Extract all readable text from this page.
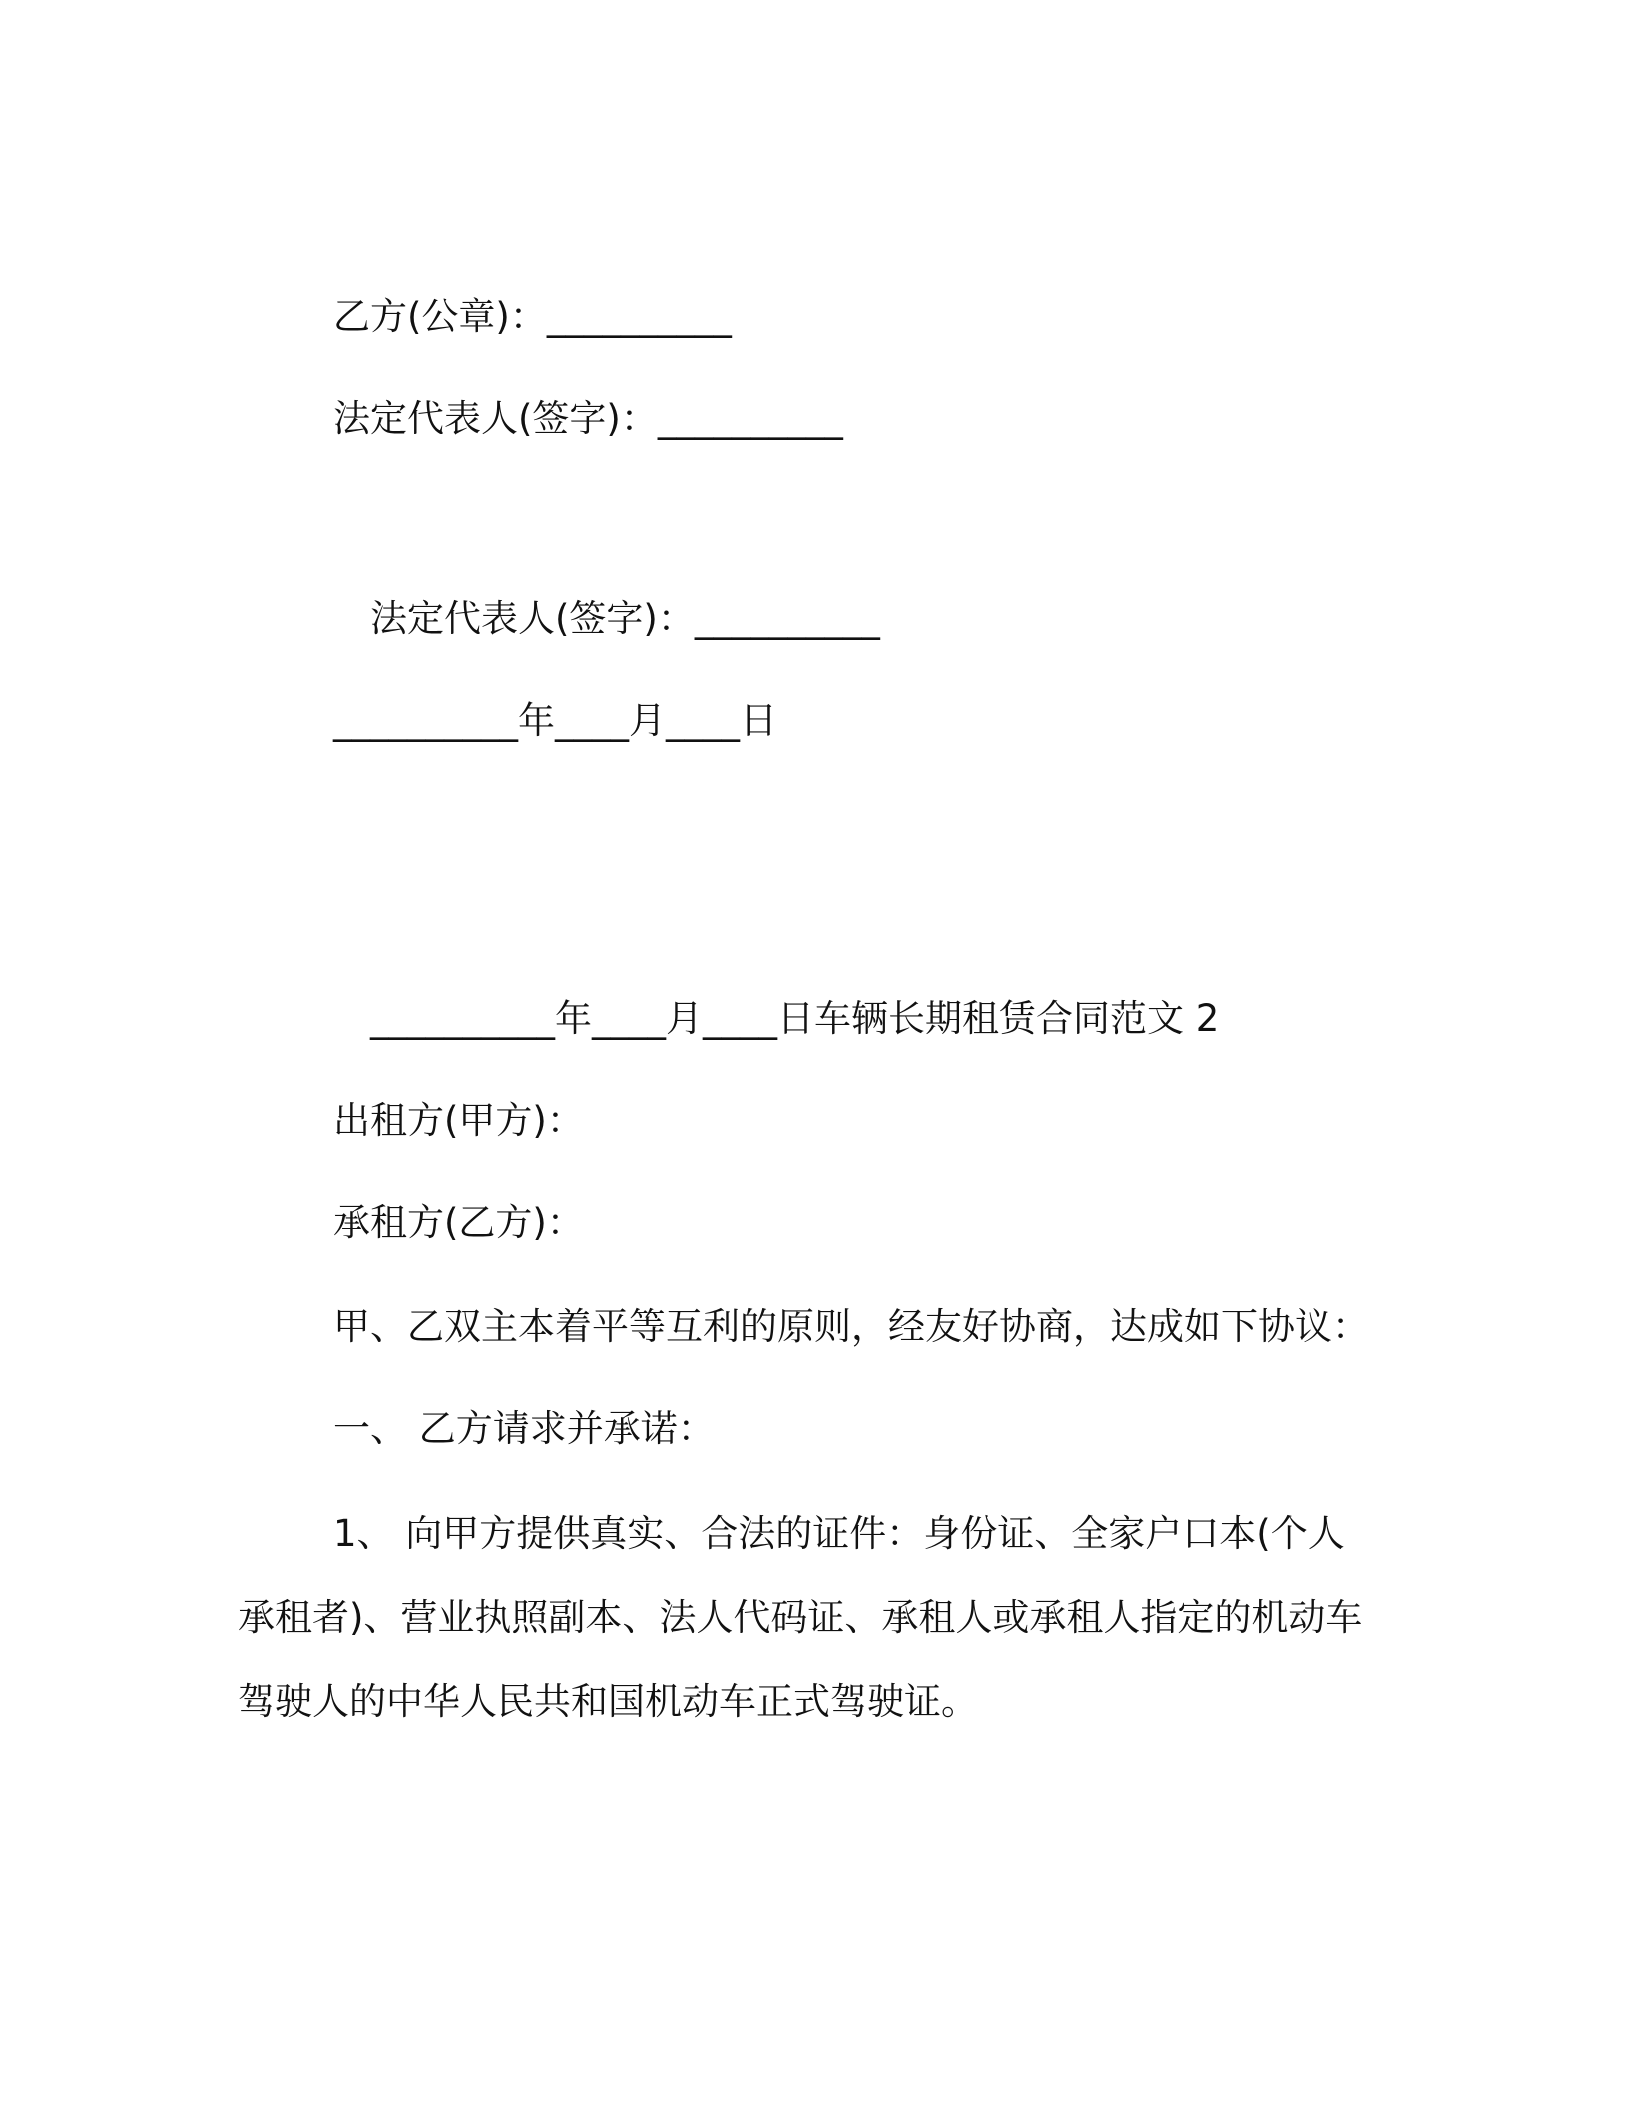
乙方(公章)：__________

法定代表人(签字)：__________

法定代表人(签字)：__________

__________年____月____日

__________年____月____日车辆长期租赁合同范文 2

出租方(甲方)：

承租方(乙方)：

甲、乙双主本着平等互利的原则，经友好协商，达成如下协议：

一、 乙方请求并承诺：

1、 向甲方提供真实、合法的证件：身份证、全家户口本(个人承租者)、营业执照副本、法人代码证、承租人或承租人指定的机动车驾驶人的中华人民共和国机动车正式驾驶证。
